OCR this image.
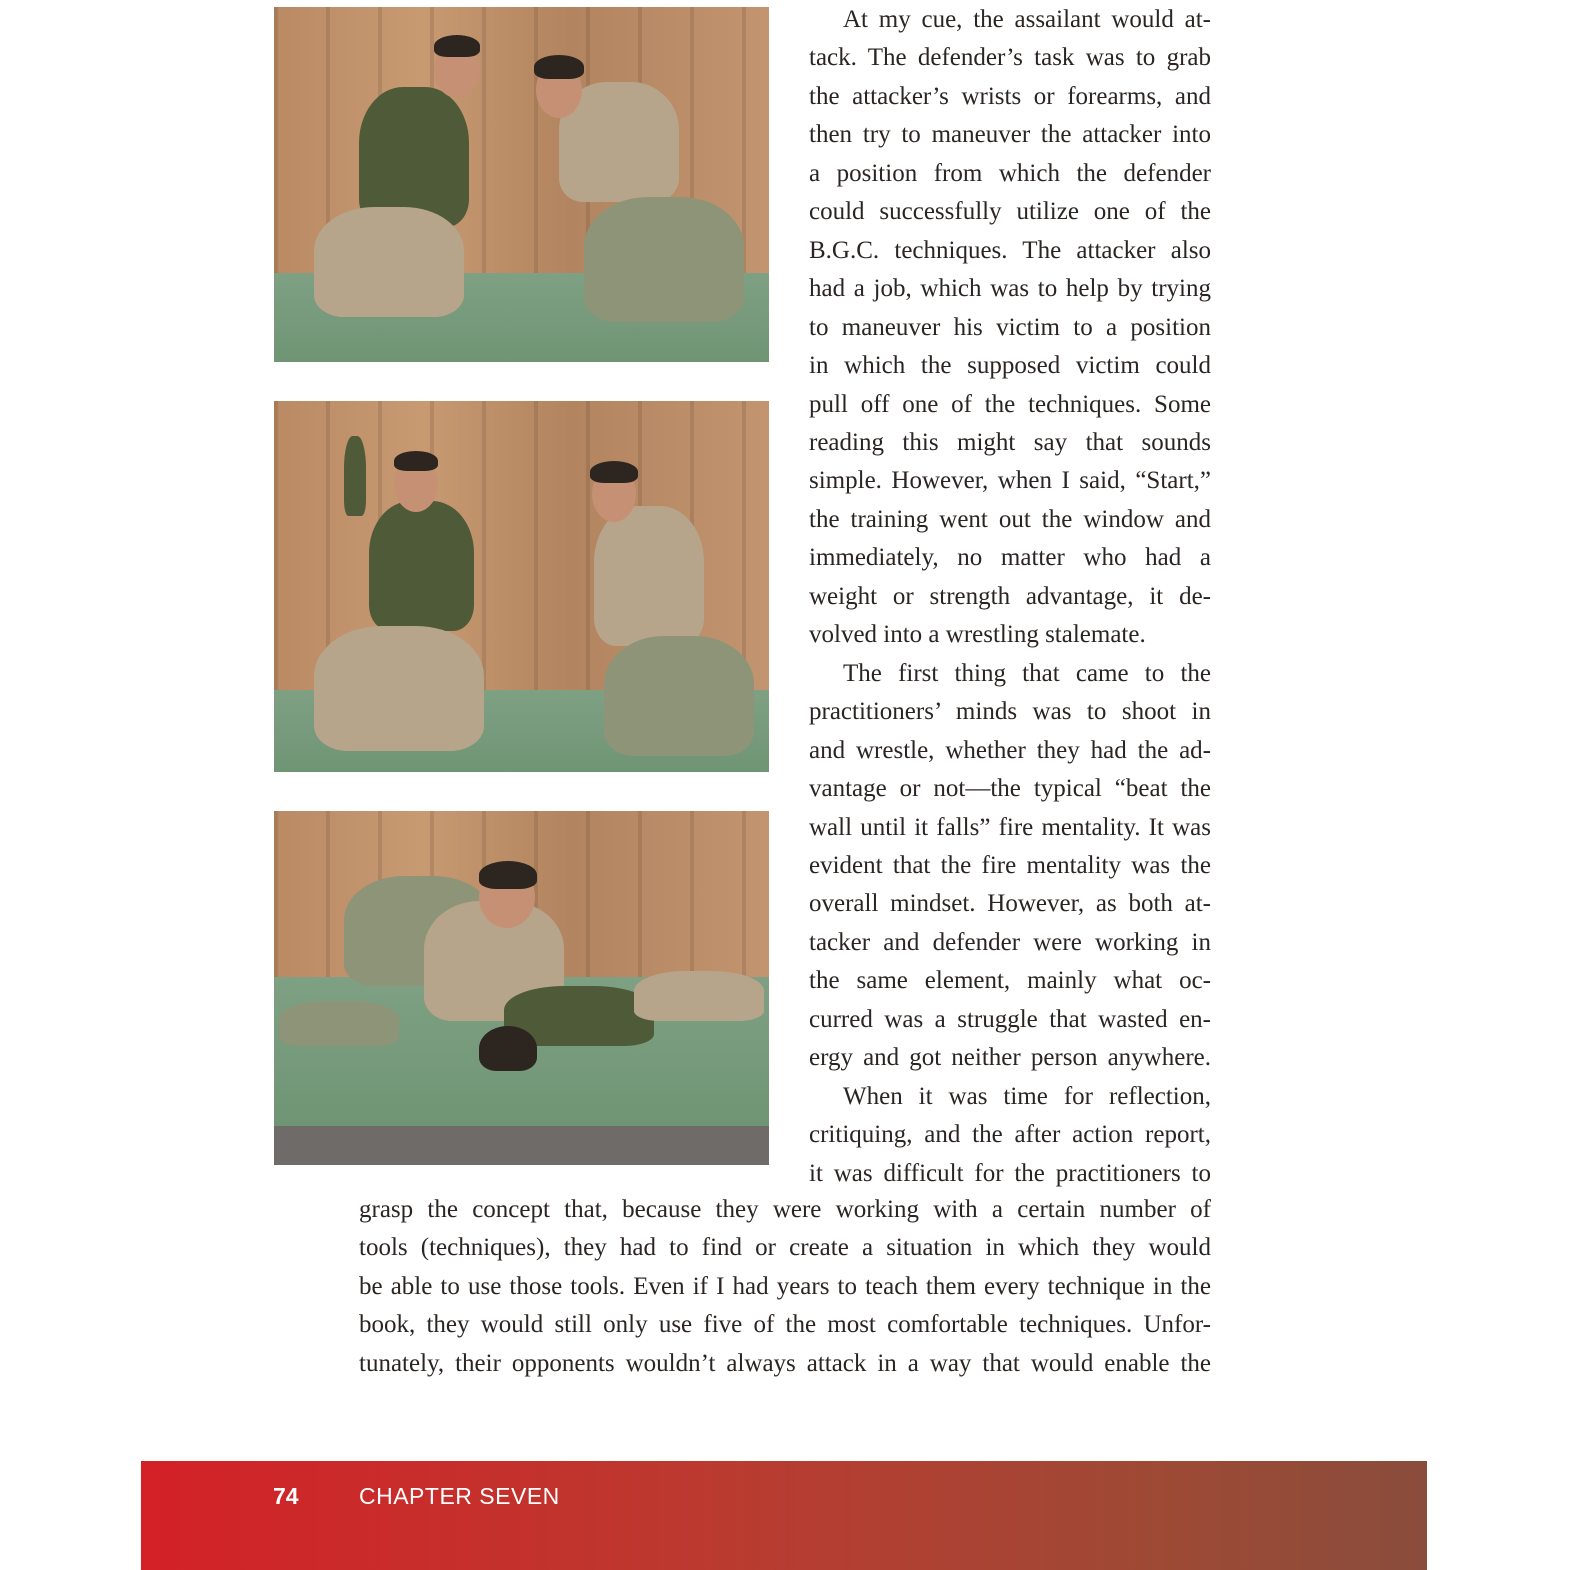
At my cue, the assailant would at-
tack. The defender’s task was to grab
the attacker’s wrists or forearms, and
then try to maneuver the attacker into
a position from which the defender
could successfully utilize one of the
B.G.C. techniques. The attacker also
had a job, which was to help by trying
to maneuver his victim to a position
in which the supposed victim could
pull off one of the techniques. Some
reading this might say that sounds
simple. However, when I said, “Start,”
the training went out the window and
immediately, no matter who had a
weight or strength advantage, it de-
volved into a wrestling stalemate.
The first thing that came to the
practitioners’ minds was to shoot in
and wrestle, whether they had the ad-
vantage or not—the typical “beat the
wall until it falls” fire mentality. It was
evident that the fire mentality was the
overall mindset. However, as both at-
tacker and defender were working in
the same element, mainly what oc-
curred was a struggle that wasted en-
ergy and got neither person anywhere.
When it was time for reflection,
critiquing, and the after action report,
it was difficult for the practitioners to
grasp the concept that, because they were working with a certain number of
tools (techniques), they had to find or create a situation in which they would
be able to use those tools. Even if I had years to teach them every technique in the
book, they would still only use five of the most comfortable techniques. Unfor-
tunately, their opponents wouldn’t always attack in a way that would enable the
74	CHAPTER SEVEN
